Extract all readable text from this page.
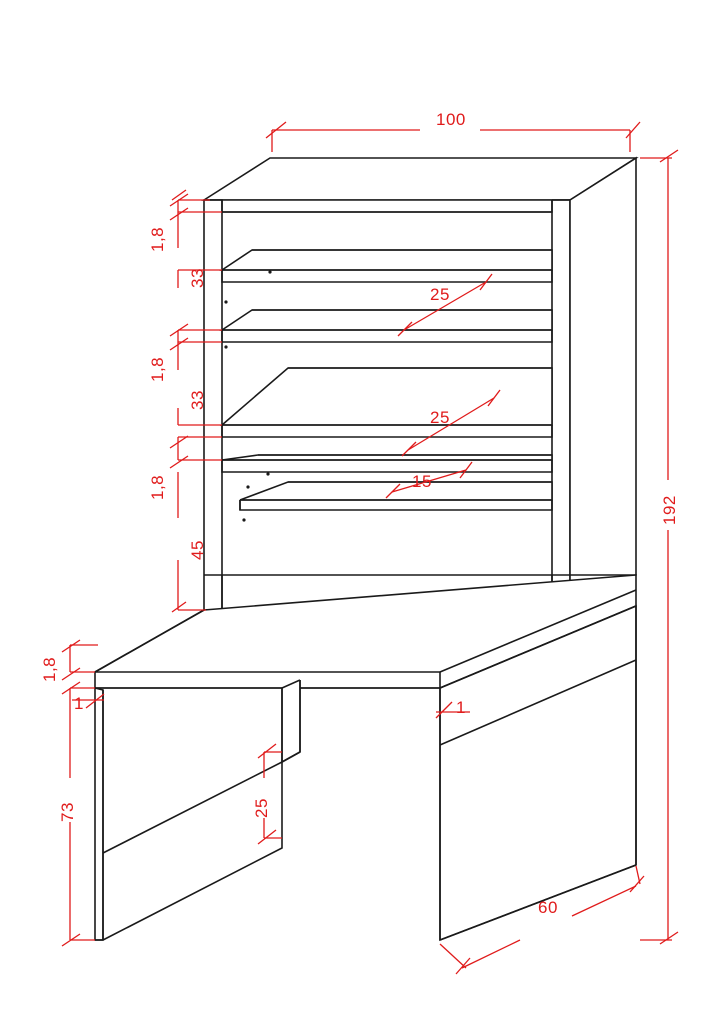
100
192
1,8
33
1,8
33
1,8
45
25
25
15
1,8
1	1
73	25
60
